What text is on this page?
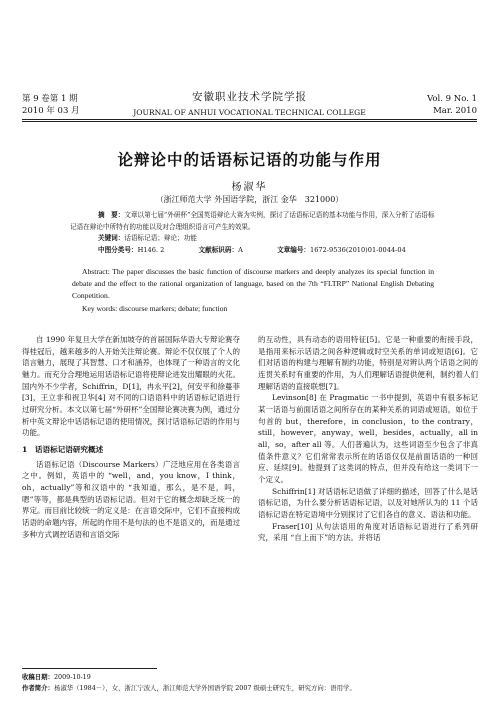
第 9 卷第 1 期
2010 年 03 月
安徽职业技术学院学报
JOURNAL OF ANHUI VOCATIONAL TECHNICAL COLLEGE
Vol. 9 No. 1
Mar. 2010
论辩论中的话语标记语的功能与作用
杨淑华
（浙江师范大学 外国语学院，浙江 金华　321000）
摘　要：文章以第七届“外研杯”全国英语辩论大赛为实例，探讨了话语标记语的基本功能与作用，深入分析了话语标记语在辩论中所特有的功能以及对合理组织语言可产生的效果。
关键词：话语标记语；辩论；功能
中图分类号：H146. 2	文献标识码：A	文章编号：1672-9536(2010)01-0044-04
Abstract: The paper discusses the basic function of discourse markers and deeply analyzes its special function in debate and the effect to the rational organization of language, based on the 7th “FLTRP” National English Debating Conpetition.
Key words: discourse markers; debate; function

自 1990 年复旦大学在新加坡夺的首届国际华语大专辩论赛夺得桂冠后，越来越多的人开始关注辩论赛。辩论不仅仅展了个人的语言魅力，展现了其智慧、口才和涵养，也体现了一种语言的文化魅力。而充分合理地运用话语标记语将使辩论进发出耀眼的火花。国内外不少学者，Schiffrin，D[1]，冉永平[2]，何安平和徐蔓菲[3]，王立非和祝卫华[4] 对不同的口语语料中的话语标记语进行过研究分析。本文以第七届“外研杯”全国辩论赛决赛为例，通过分析中英文辩论中话语标记语的使用情况，探讨话语标记语的作用与功能。

1　话语标记语研究概述

话语标记语（Discourse Markers）广泛地应用在各类语言之中。例如，英语中的 “well，and，you know，I think，oh，actually”等和汉语中的 “我知道，那么，是不是，吗，嗯”等等，都是典型的话语标记语。但对于它的概念却缺乏统一的界定。而目前比较统一的定义是：在言语交际中，它们不直接构成话语的命题内容，所起的作用不是句法的也不是语义的，而是通过多种方式调控话语和言语交际

的互动性，具有动态的语用特征[5]。它是一种重要的衔接手段，是指用来标示话语之间各种逻辑或时空关系的单词或短语[6]。它们对话语的构建与理解有制约功能，特别是对辨认两个话语之间的连贯关系时有重要的作用，为人们理解话语提供便利，制约着人们理解话语的直接联想[7]。

Levinson[8] 在 Pragmatic 一书中提到，英语中有很多标记某一话语与前面话语之间所存在的某种关系的词语或短语，如位于句首的 but，therefore，in conclusion，to the contrary，still，however，anyway，well，besides，actually，all in all，so，after all 等。人们普遍认为，这些词语至少包含了非真值条件意义？它们常常表示所在的话语仅仅是前面话语的一种回应、延续[9]。他提到了这类词的特点，但并没有给这一类词下一个定义。

Schiffrin[1] 对话语标记语做了详细的描述，回答了什么是话语标记语，为什么要分析话语标记语，以及对她所认为的 11 个话语标记语在特定语境中分别探讨了它们各自的意义、语法和功能。

Fraser[10] 从句法语用的角度对话语标记语进行了系列研究，采用 “自上而下”的方法。并将话

收稿日期：2009-10-19
作者简介：杨淑华（1984－），女，浙江宁波人，浙江师范大学外国语学院 2007 级硕士研究生，研究方向：语用学。
